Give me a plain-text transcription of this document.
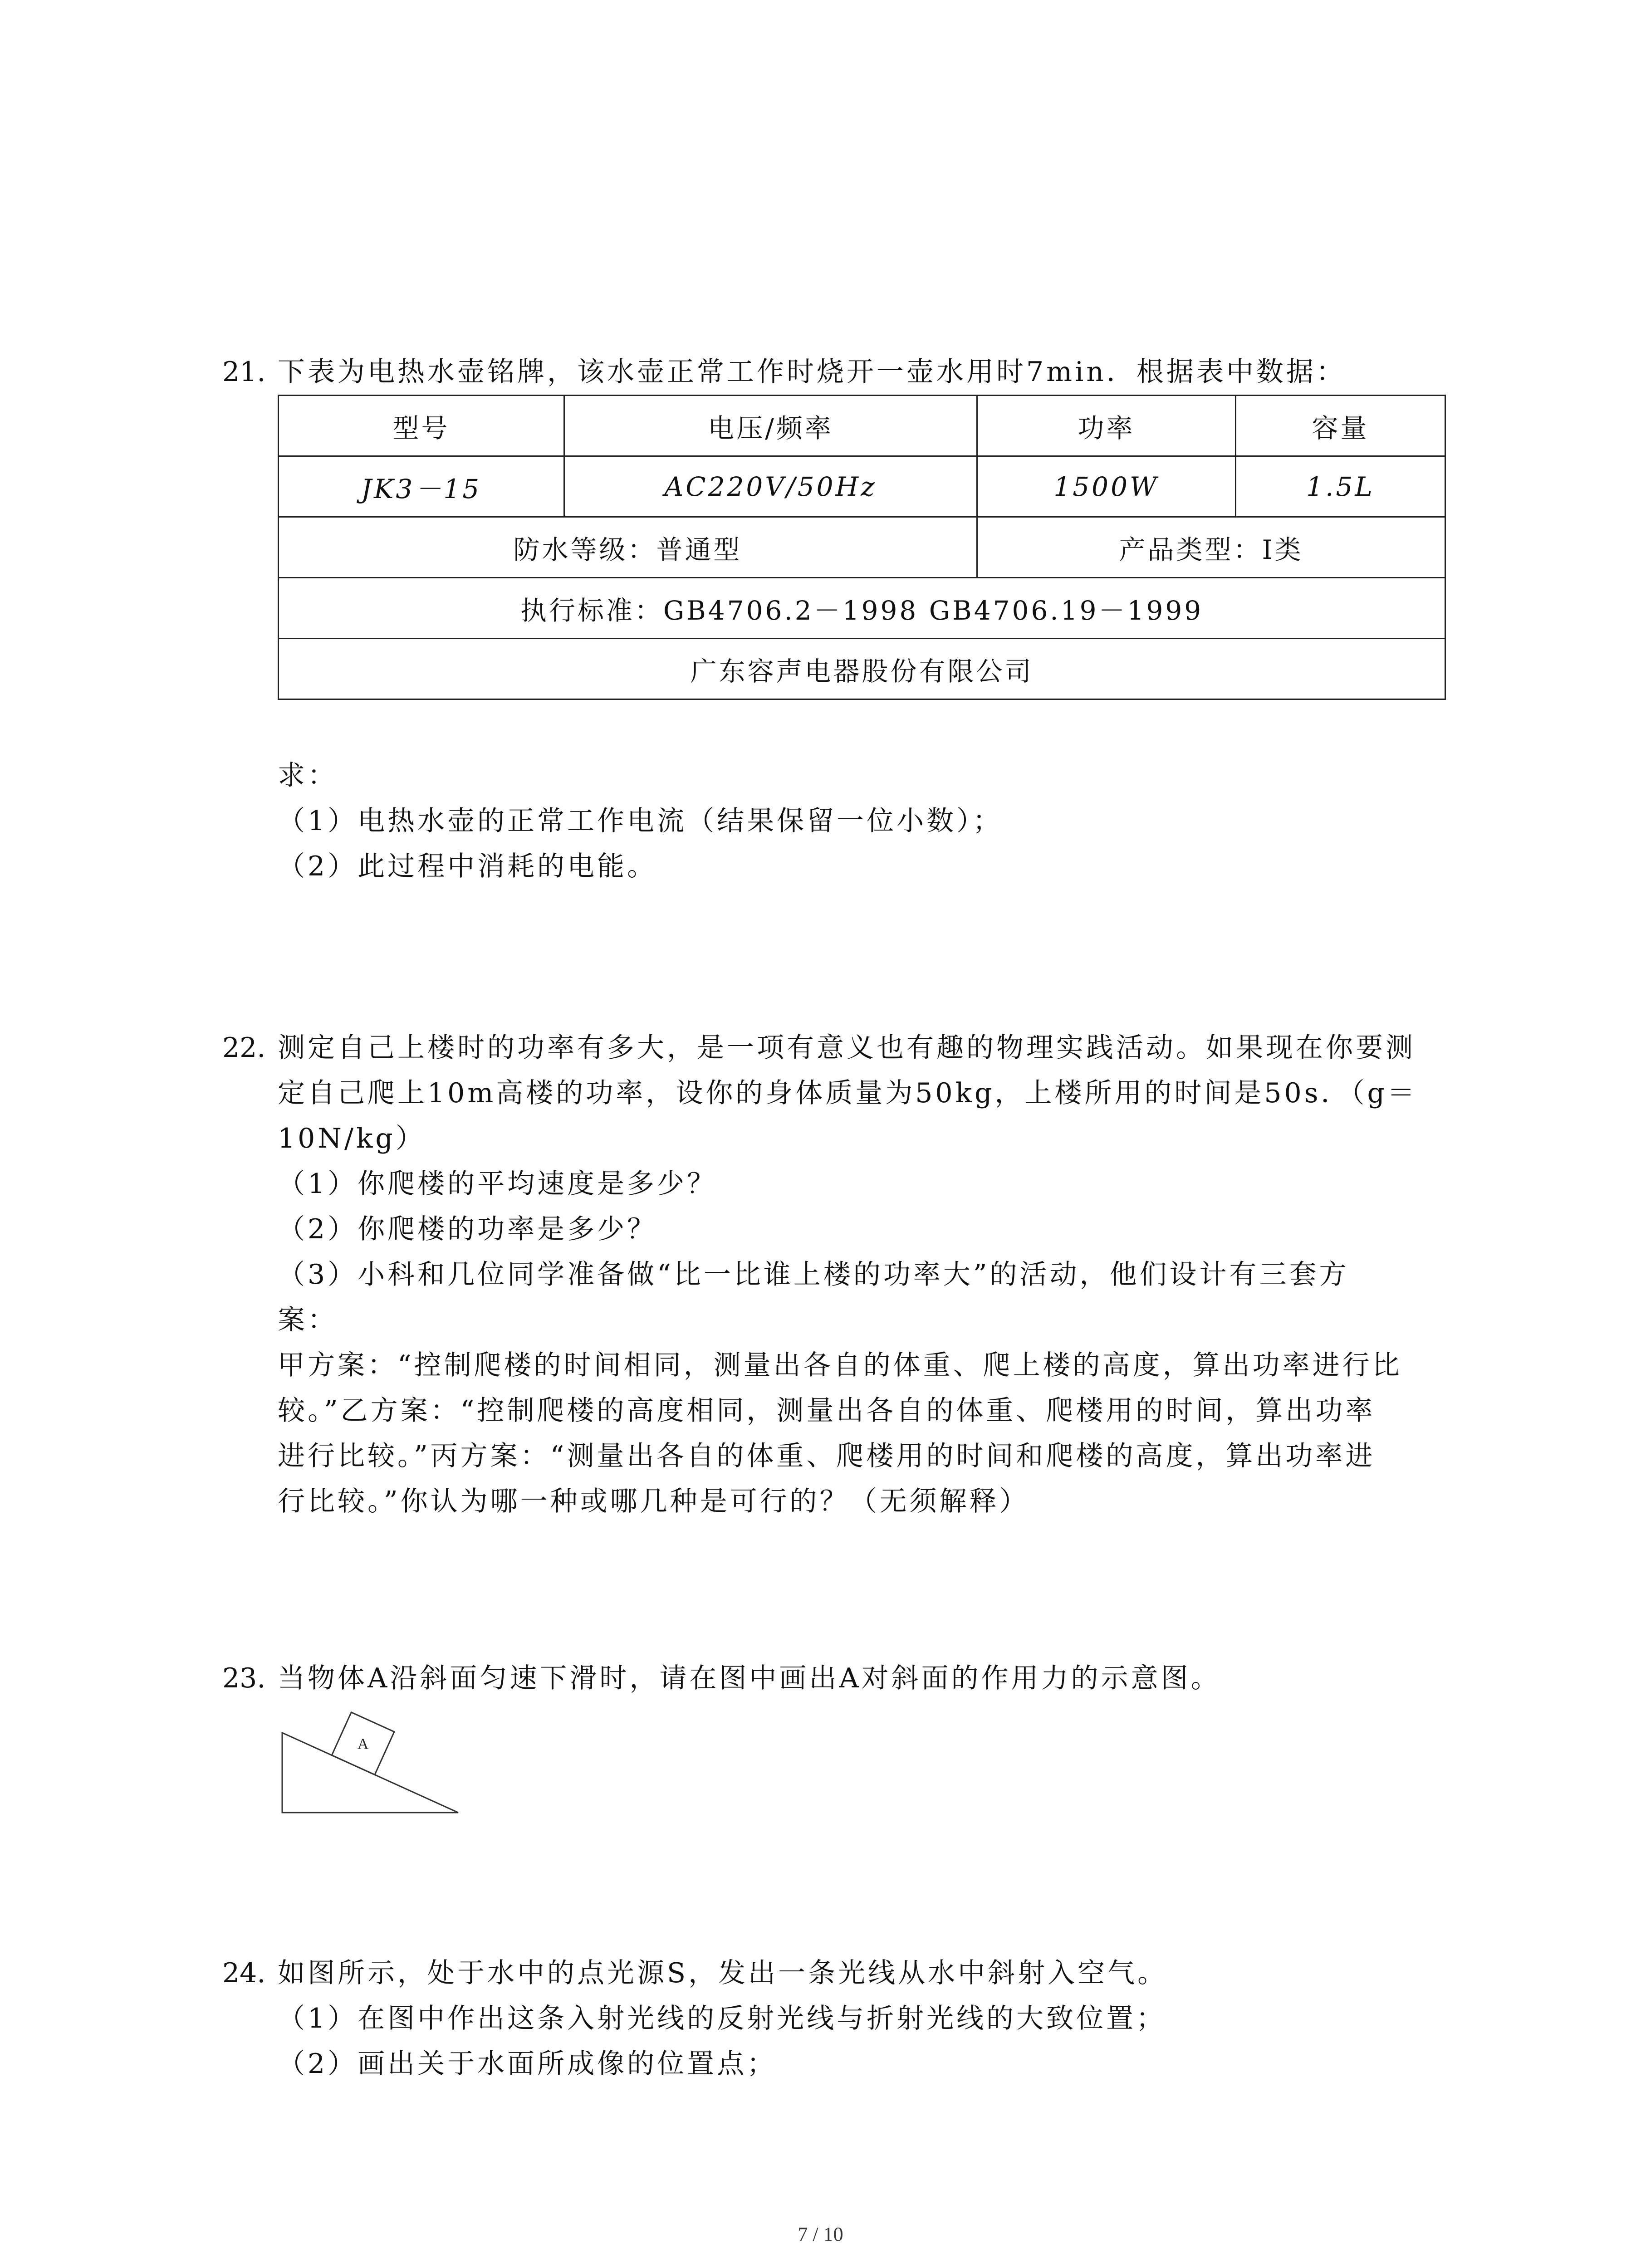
21. 下表为电热水壶铭牌，该水壶正常工作时烧开一壶水用时7min．根据表中数据：
型号	电压/频率	功率	容量
JK3－15	AC220V/50Hz	1500W	1.5L
防水等级：普通型		产品类型：I类	
执行标准：GB4706.2－1998 GB4706.19－1999			
广东容声电器股份有限公司			
求：
（1）电热水壶的正常工作电流（结果保留一位小数）；
（2）此过程中消耗的电能。
22. 测定自己上楼时的功率有多大，是一项有意义也有趣的物理实践活动。如果现在你要测
定自己爬上10m高楼的功率，设你的身体质量为50kg，上楼所用的时间是50s．（g＝
10N/kg）
（1）你爬楼的平均速度是多少？
（2）你爬楼的功率是多少？
（3）小科和几位同学准备做“比一比谁上楼的功率大”的活动，他们设计有三套方
案：
甲方案：“控制爬楼的时间相同，测量出各自的体重、爬上楼的高度，算出功率进行比
较。”乙方案：“控制爬楼的高度相同，测量出各自的体重、爬楼用的时间，算出功率
进行比较。”丙方案：“测量出各自的体重、爬楼用的时间和爬楼的高度，算出功率进
行比较。”你认为哪一种或哪几种是可行的？（无须解释）
23. 当物体A沿斜面匀速下滑时，请在图中画出A对斜面的作用力的示意图。
A
24. 如图所示，处于水中的点光源S，发出一条光线从水中斜射入空气。
（1）在图中作出这条入射光线的反射光线与折射光线的大致位置；
（2）画出关于水面所成像的位置点；
7 / 10
